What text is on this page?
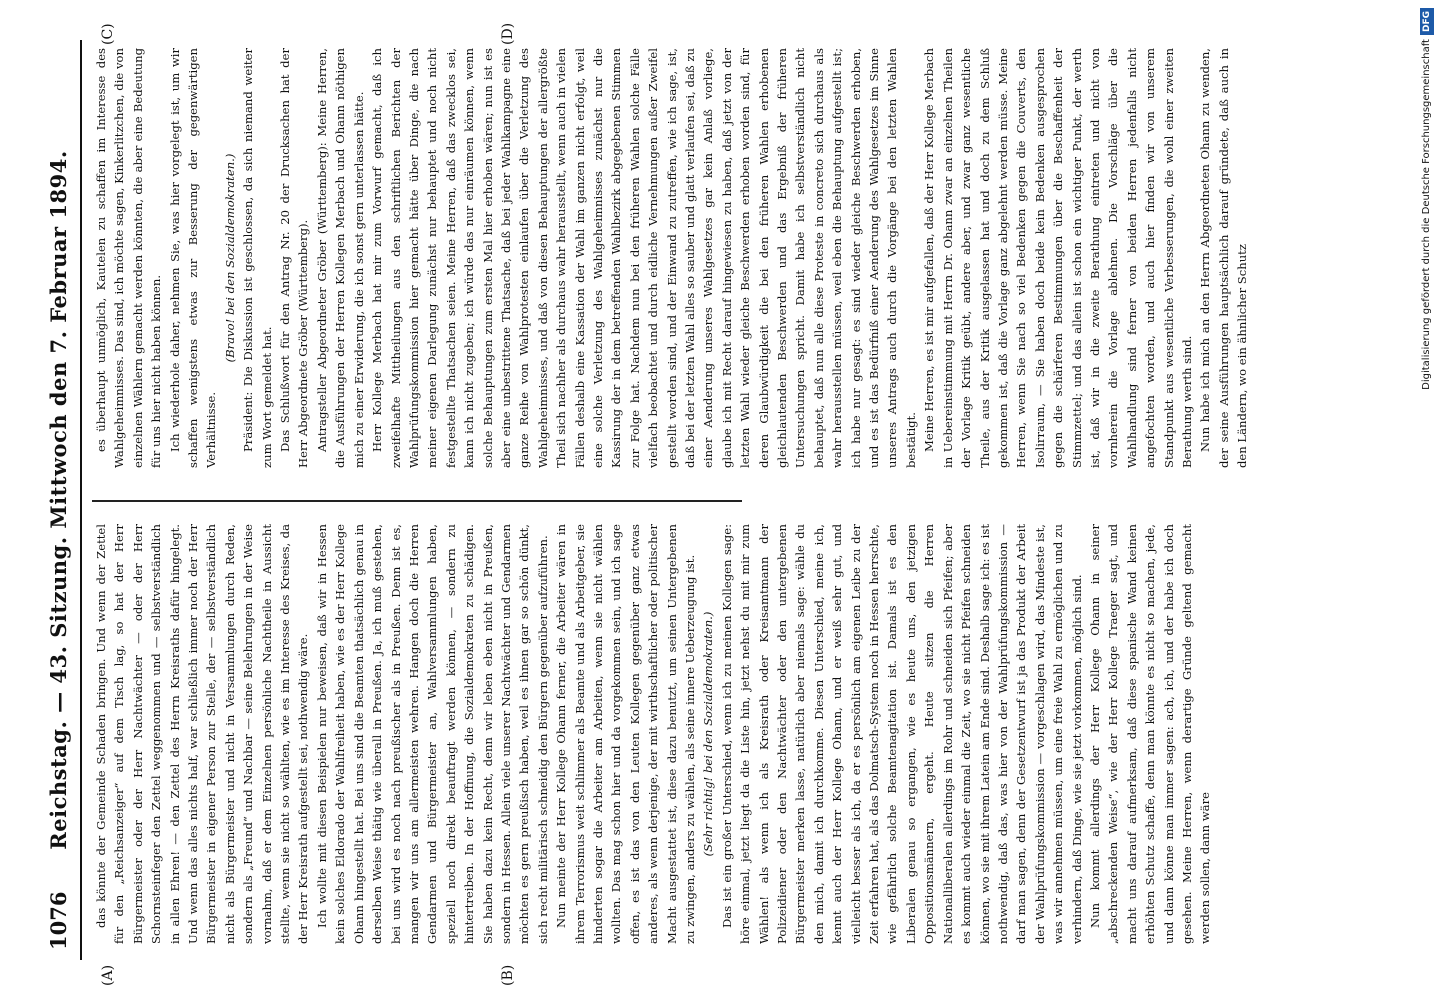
1076
Reichstag. — 43. Sitzung. Mittwoch den 7. Februar 1894.
(A)	(B)
(C)	(D)

das könnte der Gemeinde Schaden bringen. Und wenn der Zettel für den „Reichsanzeiger“ auf dem Tisch lag, so hat der Herr Bürgermeister oder der Herr Nachtwächter — oder der Herr Schornsteinfeger den Zettel weggenommen und — selbstverständlich in allen Ehren! — den Zettel des Herrn Kreisraths dafür hingelegt. Und wenn das alles nichts half, war schließlich immer noch der Herr Bürgermeister in eigener Person zur Stelle, der — selbstverständlich nicht als Bürgermeister und nicht in Versammlungen durch Reden, sondern als „Freund“ und Nachbar — seine Belehrungen in der Weise vornahm, daß er dem Einzelnen persönliche Nachtheile in Aussicht stellte, wenn sie nicht so wählten, wie es im Interesse des Kreises, da der Herr Kreisrath aufgestellt sei, nothwendig wäre. Ich wollte mit diesen Beispielen nur beweisen, daß wir in Hessen kein solches Eldorado der Wahlfreiheit haben, wie es der Herr Kollege Ohann hingestellt hat. Bei uns sind die Beamten thatsächlich genau in derselben Weise thätig wie überall in Preußen. Ja, ich muß gestehen, bei uns wird es noch nach preußischer als in Preußen. Denn ist es, mangen wir uns am allermeisten wehren. Hangen doch die Herren Gendarmen und Bürgermeister an, Wahlversammlungen haben, speziell noch direkt beauftragt werden können, — sondern zu hintertreiben. In der Hoffnung, die Sozialdemokraten zu schädigen. Sie haben dazu kein Recht, denn wir leben eben nicht in Preußen, sondern in Hessen. Allein viele unserer Nachtwächter und Gendarmen möchten es gern preußisch haben, weil es ihnen gar so schön dünkt, sich recht militärisch schneidig den Bürgern gegenüber aufzuführen. Nun meinte der Herr Kollege Ohann ferner, die Arbeiter wären in ihrem Terrorismus weit schlimmer als Beamte und als Arbeitgeber, sie hinderten sogar die Arbeiter am Arbeiten, wenn sie nicht wählen wollten. Das mag schon hier und da vorgekommen sein, und ich sage offen, es ist das von den Leuten Kollegen gegenüber ganz etwas anderes, als wenn derjenige, der mit wirthschaftlicher oder politischer Macht ausgestattet ist, diese dazu benutzt, um seinen Untergebenen zu zwingen, anders zu wählen, als seine innere Ueberzeugung ist. (Sehr richtig! bei den Sozialdemokraten.) Das ist ein großer Unterschied, wenn ich zu meinen Kollegen sage: höre einmal, jetzt liegt da die Liste hin, jetzt nehst du mit mir zum Wählen! als wenn ich als Kreisrath oder Kreisamtmann der Polizeidiener oder den Nachtwächter oder den untergebenen Bürgermeister merken lasse, natürlich aber niemals sage: wähle du den mich, damit ich durchkomme. Diesen Unterschied, meine ich, kennt auch der Herr Kollege Ohann, und er weiß sehr gut, und vielleicht besser als ich, da er es persönlich am eigenen Leibe zu der Zeit erfahren hat, als das Dolmatsch-System noch in Hessen herrschte, wie gefährlich solche Beamtenagitation ist. Damals ist es den Liberalen genau so ergangen, wie es heute uns, den jetzigen Oppositionsmännern, ergeht. Heute sitzen die Herren Nationalliberalen allerdings im Rohr und schneiden sich Pfeifen; aber es kommt auch wieder einmal die Zeit, wo sie nicht Pfeifen schneiden können, wo sie mit ihrem Latein am Ende sind. Deshalb sage ich: es ist nothwendig, daß das, was hier von der Wahlprüfungskommission — darf man sagen, denn der Gesetzentwurf ist ja das Produkt der Arbeit der Wahlprüfungskommission — vorgeschlagen wird, das Mindeste ist, was wir annehmen müssen, um eine freie Wahl zu ermöglichen und zu verhindern, daß Dinge, wie sie jetzt vorkommen, möglich sind. Nun kommt allerdings der Herr Kollege Ohann in seiner „abschreckenden Weise“, wie der Herr Kollege Traeger sagt, und macht uns darauf aufmerksam, daß diese spanische Wand keinen erhöhten Schutz schaffe, denn man könnte es nicht so machen, jede, und dann könne man immer sagen: ach, ich, und der habe ich doch gesehen. Meine Herren, wenn derartige Gründe geltend gemacht werden sollen, dann wäre

es überhaupt unmöglich, Kautelen zu schaffen im Interesse des Wahlgeheimnisses. Das sind, ich möchte sagen, Kinkerlitzchen, die von einzelnen Wählern gemacht werden könnten, die aber eine Bedeutung für uns hier nicht haben können. Ich wiederhole daher, nehmen Sie, was hier vorgelegt ist, um wir schaffen wenigstens etwas zur Besserung der gegenwärtigen Verhältnisse.

(Bravo! bei den Sozialdemokraten.) Präsident: Die Diskussion ist geschlossen, da sich niemand weiter zum Wort gemeldet hat. Das Schlußwort für den Antrag Nr. 20 der Drucksachen hat der Herr Abgeordnete Gröber (Württemberg). Antragsteller Abgeordneter Gröber (Württemberg): Meine Herren, die Ausführungen der Herren Kollegen Merbach und Ohann nöthigen mich zu einer Erwiderung, die ich sonst gern unterlassen hätte. Herr Kollege Merbach hat mir zum Vorwurf gemacht, daß ich zweifelhafte Mittheilungen aus den schriftlichen Berichten der Wahlprüfungskommission hier gemacht hätte über Dinge, die nach meiner eigenen Darlegung zunächst nur behauptet und noch nicht festgestellte Thatsachen seien. Meine Herren, daß das zwecklos sei, kann ich nicht zugeben; ich würde das nur einräumen können, wenn solche Behauptungen zum ersten Mal hier erhoben wären; nun ist es aber eine unbestrittene Thatsache, daß bei jeder Wahlkampagne eine ganze Reihe von Wahlprotesten einlaufen über die Verletzung des Wahlgeheimnisses, und daß von diesen Behauptungen der allergrößte Theil sich nachher als durchaus wahr herausstellt, wenn auch in vielen Fällen deshalb eine Kassation der Wahl im ganzen nicht erfolgt, weil eine solche Verletzung des Wahlgeheimnisses zunächst nur die Kassirung der in dem betreffenden Wahlbezirk abgegebenen Stimmen zur Folge hat. Nachdem nun bei den früheren Wahlen solche Fälle vielfach beobachtet und durch eidliche Vernehmungen außer Zweifel gestellt worden sind, und der Einwand zu zutreffen, wie ich sage, ist, daß bei der letzten Wahl alles so sauber und glatt verlaufen sei, daß zu einer Aenderung unseres Wahlgesetzes gar kein Anlaß vorliege, glaube ich mit Recht darauf hingewiesen zu haben, daß jetzt von der letzten Wahl wieder gleiche Beschwerden erhoben worden sind, für deren Glaubwürdigkeit die bei den früheren Wahlen erhobenen gleichlautenden Beschwerden und das Ergebniß der früheren Untersuchungen spricht. Damit habe ich selbstverständlich nicht behauptet, daß nun alle diese Proteste in concreto sich durchaus als wahr herausstellen müssen, weil eben die Behauptung aufgestellt ist; ich habe nur gesagt: es sind wieder gleiche Beschwerden erhoben, und es ist das Bedürfniß einer Aenderung des Wahlgesetzes im Sinne unseres Antrags auch durch die Vorgänge bei den letzten Wahlen bestätigt. Meine Herren, es ist mir aufgefallen, daß der Herr Kollege Merbach in Uebereinstimmung mit Herrn Dr. Ohann zwar an einzelnen Theilen der Vorlage Kritik geübt, andere aber, und zwar ganz wesentliche Theile, aus der Kritik ausgelassen hat und doch zu dem Schluß gekommen ist, daß die Vorlage ganz abgelehnt werden müsse. Meine Herren, wenn Sie nach so viel Bedenken gegen die Couverts, den Isolirraum, — Sie haben doch beide kein Bedenken ausgesprochen gegen die schärferen Bestimmungen über die Beschaffenheit der Stimmzettel; und das allein ist schon ein wichtiger Punkt, der werth ist, daß wir in die zweite Berathung eintreten und nicht von vornherein die Vorlage ablehnen. Die Vorschläge über die Wahlhandlung sind ferner von beiden Herren jedenfalls nicht angefochten worden, und auch hier finden wir von unserem Standpunkt aus wesentliche Verbesserungen, die wohl einer zweiten Berathung werth sind. Nun habe ich mich an den Herrn Abgeordneten Ohann zu wenden, der seine Ausführungen hauptsächlich darauf gründete, daß auch in den Ländern, wo ein ähnlicher Schutz	Digitalisierung gefördert durch die Deutsche ForschungsgemeinschaftDFG
